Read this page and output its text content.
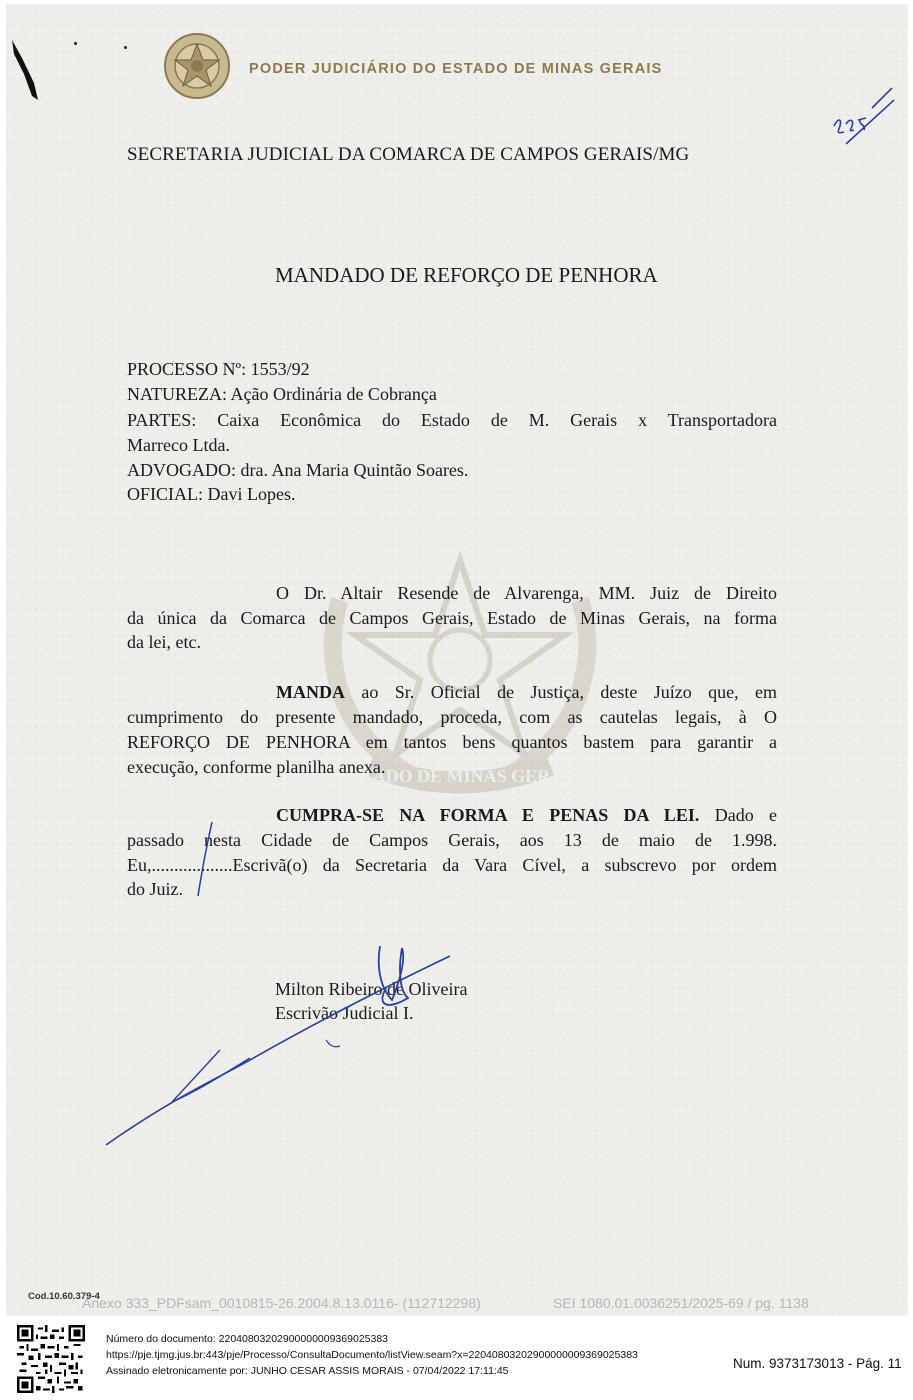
PODER JUDICIÁRIO DO ESTADO DE MINAS GERAIS
SECRETARIA JUDICIAL DA COMARCA DE CAMPOS GERAIS/MG
MANDADO DE REFORÇO DE PENHORA
ESTADO DE MINAS GERAIS
PROCESSO Nº: 1553/92
NATUREZA: Ação Ordinária de Cobrança
PARTES: Caixa Econômica do Estado de M. Gerais x Transportadora
Marreco Ltda.
ADVOGADO: dra. Ana Maria Quintão Soares.
OFICIAL: Davi Lopes.
O Dr. Altair Resende de Alvarenga, MM. Juiz de Direito
da única da Comarca de Campos Gerais, Estado de Minas Gerais, na forma
da lei, etc.
MANDA ao Sr. Oficial de Justiça, deste Juízo que, em
cumprimento do presente mandado, proceda, com as cautelas legais, à O
REFORÇO DE PENHORA em tantos bens quantos bastem para garantir a
execução, conforme planilha anexa.
CUMPRA-SE NA FORMA E PENAS DA LEI. Dado e
passado nesta Cidade de Campos Gerais, aos 13 de maio de 1.998.
Eu,..................Escrivã(o) da Secretaria da Vara Cível, a subscrevo por ordem
do Juiz.
Milton Ribeiro de Oliveira
Escrivão Judicial I.
Cod.10.60.379-4
Anexo 333_PDFsam_0010815-26.2004.8.13.0116- (112712298)	SEI 1080.01.0036251/2025-69 / pg. 1138
Número do documento: 22040803202900000009369025383
https://pje.tjmg.jus.br:443/pje/Processo/ConsultaDocumento/listView.seam?x=22040803202900000009369025383
Assinado eletronicamente por: JUNHO CESAR ASSIS MORAIS - 07/04/2022 17:11:45	Num. 9373173013 - Pág. 11
